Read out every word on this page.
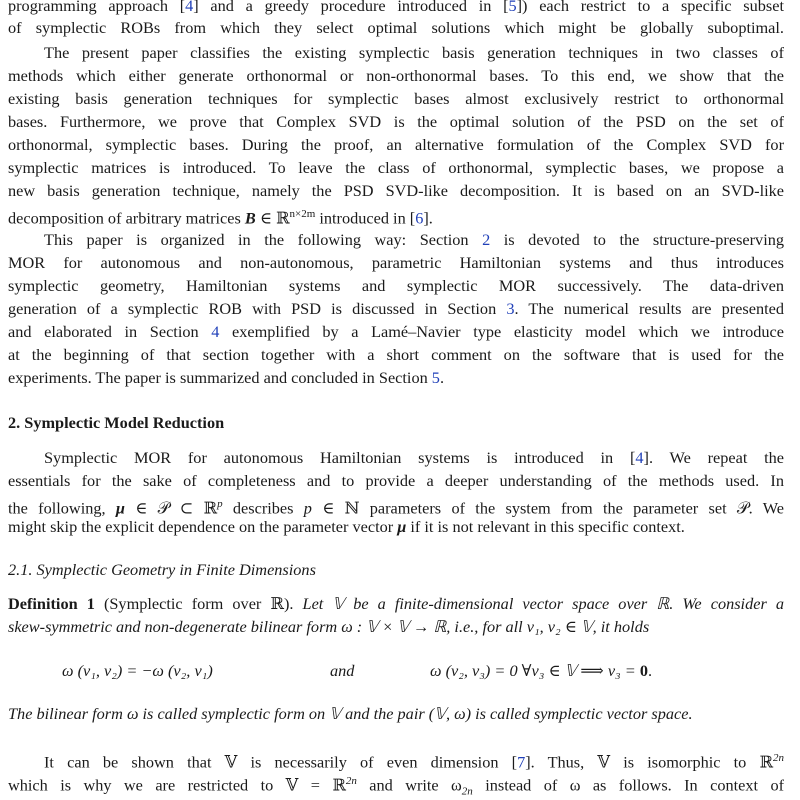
programming approach [4] and a greedy procedure introduced in [5]) each restrict to a specific subset
of symplectic ROBs from which they select optimal solutions which might be globally suboptimal.
The present paper classifies the existing symplectic basis generation techniques in two classes of
methods which either generate orthonormal or non-orthonormal bases. To this end, we show that the
existing basis generation techniques for symplectic bases almost exclusively restrict to orthonormal
bases. Furthermore, we prove that Complex SVD is the optimal solution of the PSD on the set of
orthonormal, symplectic bases. During the proof, an alternative formulation of the Complex SVD for
symplectic matrices is introduced. To leave the class of orthonormal, symplectic bases, we propose a
new basis generation technique, namely the PSD SVD-like decomposition. It is based on an SVD-like
decomposition of arbitrary matrices B ∈ ℝ$^{n\times 2m}$ introduced in [6].
This paper is organized in the following way: Section 2 is devoted to the structure-preserving
MOR for autonomous and non-autonomous, parametric Hamiltonian systems and thus introduces
symplectic geometry, Hamiltonian systems and symplectic MOR successively. The data-driven
generation of a symplectic ROB with PSD is discussed in Section 3. The numerical results are presented
and elaborated in Section 4 exemplified by a Lamé–Navier type elasticity model which we introduce
at the beginning of that section together with a short comment on the software that is used for the
experiments. The paper is summarized and concluded in Section 5.
2. Symplectic Model Reduction
Symplectic MOR for autonomous Hamiltonian systems is introduced in [4]. We repeat the
essentials for the sake of completeness and to provide a deeper understanding of the methods used. In
the following, μ ∈ 𝒫 ⊂ ℝ$^p$ describes p ∈ ℕ parameters of the system from the parameter set 𝒫. We
might skip the explicit dependence on the parameter vector μ if it is not relevant in this specific context.
2.1. Symplectic Geometry in Finite Dimensions
Definition 1 (Symplectic form over ℝ). Let 𝕍 be a finite-dimensional vector space over ℝ. We consider a
skew-symmetric and non-degenerate bilinear form ω : 𝕍 × 𝕍 → ℝ, i.e., for all v₁, v₂ ∈ 𝕍, it holds
ω (v₁, v₂) = −ω (v₂, v₁)	and	ω (v₂, v₃) = 0 ∀v₃ ∈ 𝕍 ⟹ v₃ = 0.
The bilinear form ω is called symplectic form on 𝕍 and the pair (𝕍, ω) is called symplectic vector space.
It can be shown that 𝕍 is necessarily of even dimension [7]. Thus, 𝕍 is isomorphic to ℝ$^{2n}$
which is why we are restricted to 𝕍 = ℝ$^{2n}$ and write $\omega_{2n}$ instead of ω as follows. In context of
